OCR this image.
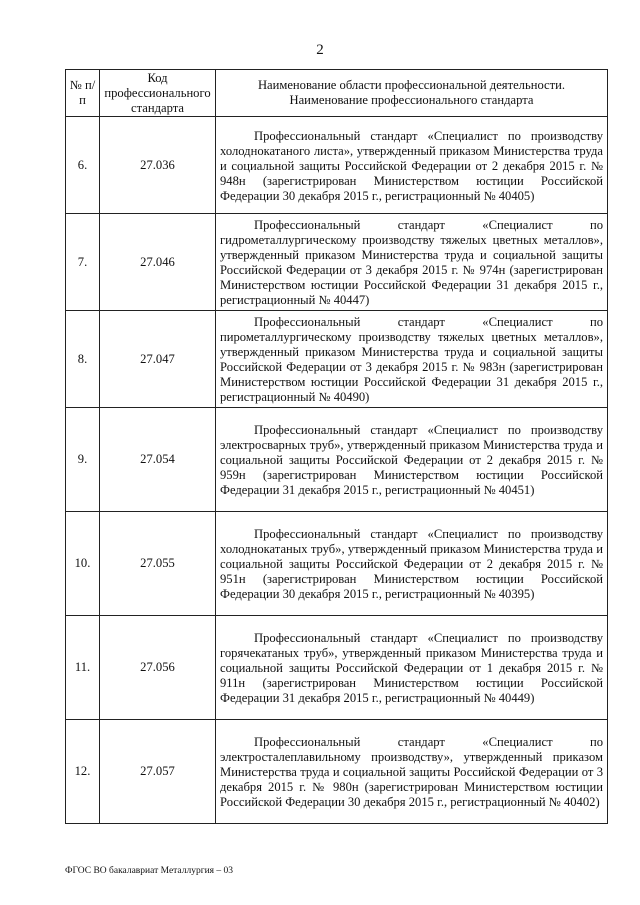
2
№ п/п	Код профессионального стандарта	Наименование области профессиональной деятельности. Наименование профессионального стандарта
6.	27.036	Профессиональный стандарт «Специалист по производству холоднокатаного листа», утвержденный приказом Министерства труда и социальной защиты Российской Федерации от 2 декабря 2015 г. № 948н (зарегистрирован Министерством юстиции Российской Федерации 30 декабря 2015 г., регистрационный № 40405)

7.	27.046	Профессиональный стандарт «Специалист по гидрометаллургическому производству тяжелых цветных металлов», утвержденный приказом Министерства труда и социальной защиты Российской Федерации от 3 декабря 2015 г. № 974н (зарегистрирован Министерством юстиции Российской Федерации 31 декабря 2015 г., регистрационный № 40447)

8.	27.047	Профессиональный стандарт «Специалист по пирометаллургическому производству тяжелых цветных металлов», утвержденный приказом Министерства труда и социальной защиты Российской Федерации от 3 декабря 2015 г. № 983н (зарегистрирован Министерством юстиции Российской Федерации 31 декабря 2015 г., регистрационный № 40490)

9.	27.054	Профессиональный стандарт «Специалист по производству электросварных труб», утвержденный приказом Министерства труда и социальной защиты Российской Федерации от 2 декабря 2015 г. № 959н (зарегистрирован Министерством юстиции Российской Федерации 31 декабря 2015 г., регистрационный № 40451)

10.	27.055	Профессиональный стандарт «Специалист по производству холоднокатаных труб», утвержденный приказом Министерства труда и социальной защиты Российской Федерации от 2 декабря 2015 г. № 951н (зарегистрирован Министерством юстиции Российской Федерации 30 декабря 2015 г., регистрационный № 40395)

11.	27.056	Профессиональный стандарт «Специалист по производству горячекатаных труб», утвержденный приказом Министерства труда и социальной защиты Российской Федерации от 1 декабря 2015 г. № 911н (зарегистрирован Министерством юстиции Российской Федерации 31 декабря 2015 г., регистрационный № 40449)

12.	27.057	Профессиональный стандарт «Специалист по электросталеплавильному производству», утвержденный приказом Министерства труда и социальной защиты Российской Федерации от 3 декабря 2015 г. № 980н (зарегистрирован Министерством юстиции Российской Федерации 30 декабря 2015 г., регистрационный № 40402)
ФГОС ВО бакалавриат Металлургия – 03
